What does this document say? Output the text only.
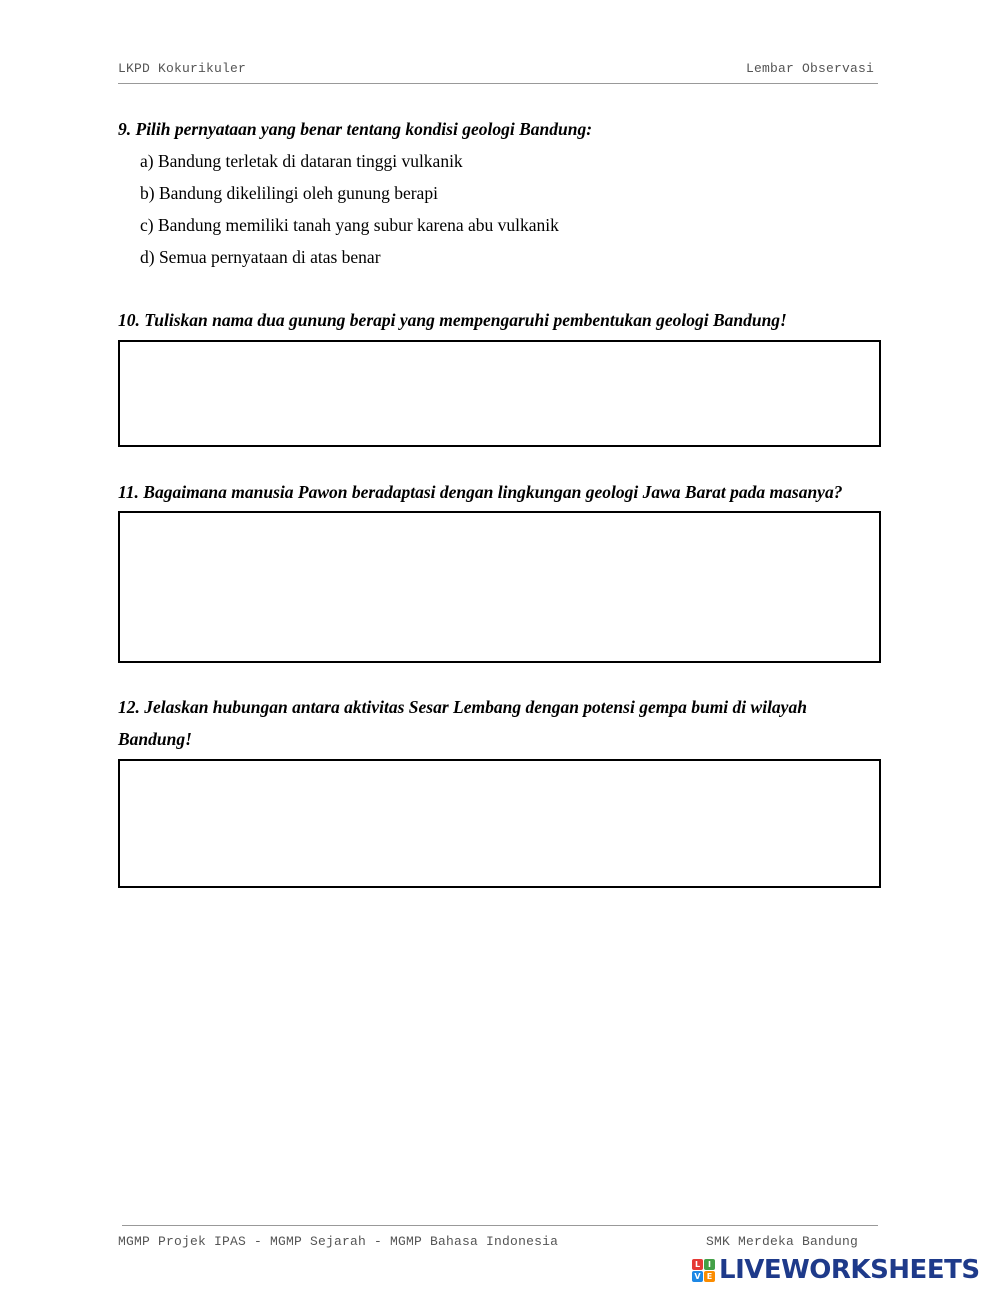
LKPD Kokurikuler	Lembar Observasi
9. Pilih pernyataan yang benar tentang kondisi geologi Bandung:
a) Bandung terletak di dataran tinggi vulkanik
b) Bandung dikelilingi oleh gunung berapi
c) Bandung memiliki tanah yang subur karena abu vulkanik
d) Semua pernyataan di atas benar
10. Tuliskan nama dua gunung berapi yang mempengaruhi pembentukan geologi Bandung!
11. Bagaimana manusia Pawon beradaptasi dengan lingkungan geologi Jawa Barat pada masanya?
12. Jelaskan hubungan antara aktivitas Sesar Lembang dengan potensi gempa bumi di wilayah
Bandung!
MGMP Projek IPAS - MGMP Sejarah - MGMP Bahasa Indonesia	SMK Merdeka Bandung
L I
V E LIVEWORKSHEETS
